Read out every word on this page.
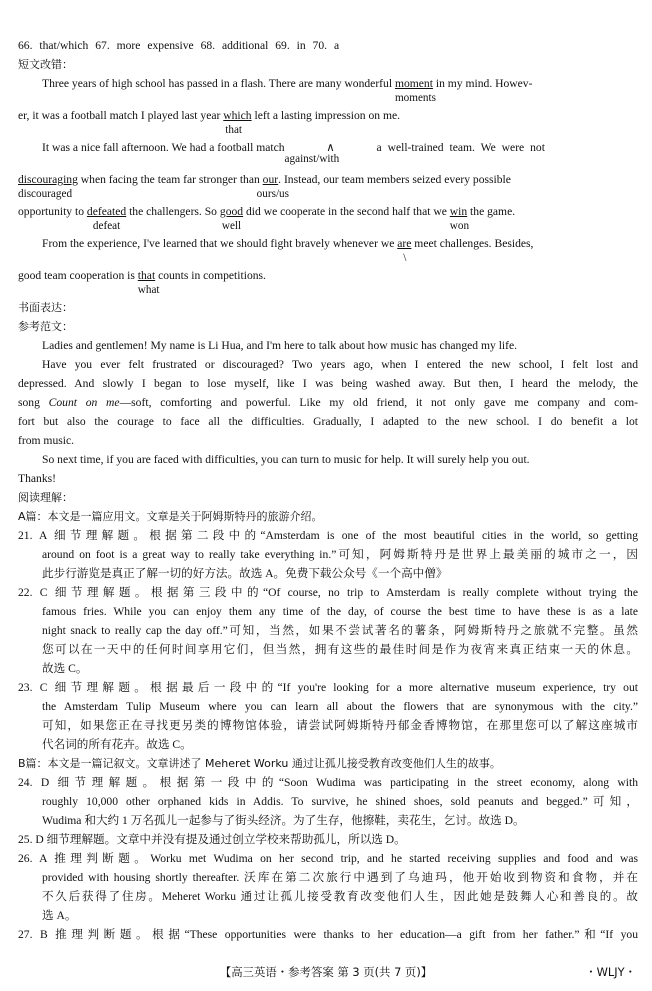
66. that/which 67. more expensive 68. additional 69. in 70. a
短文改错：
Three years of high school has passed in a flash. There are many wonderful moment
moments
in my mind. Howev-
er, it was a football match I played last year which
that
left a lasting impression on me.
It was a nice fall afternoon. We had a football match	∧
against/with
a well-trained team. We were not
discouraging
discouraged
when facing the team far stronger than our
ours/us
. Instead, our team members seized every possible
opportunity to defeated
defeat
the challengers. So good
well
did we cooperate in the second half that we win
won
the game.
From the experience, I've learned that we should fight bravely whenever we are
\
meet challenges. Besides,
good team cooperation is that
what
counts in competitions.
书面表达：
参考范文：
Ladies and gentlemen! My name is Li Hua, and I'm here to talk about how music has changed my life.
Have you ever felt frustrated or discouraged? Two years ago, when I entered the new school, I felt lost and
depressed. And slowly I began to lose myself, like I was being washed away. But then, I heard the melody, the
song Count on me—soft, comforting and powerful. Like my old friend, it not only gave me company and com-
fort but also the courage to face all the difficulties. Gradually, I adapted to the new school. I do benefit a lot
from music.
So next time, if you are faced with difficulties, you can turn to music for help. It will surely help you out.
Thanks!
阅读理解：
A篇：本文是一篇应用文。文章是关于阿姆斯特丹的旅游介绍。
21. A 细节理解题。根据第二段中的“Amsterdam is one of the most beautiful cities in the world, so getting
around on foot is a great way to really take everything in.”可知，阿姆斯特丹是世界上最美丽的城市之一，因
此步行游览是真正了解一切的好方法。故选 A。免费下载公众号《一个高中僧》
22. C 细节理解题。根据第三段中的“Of course, no trip to Amsterdam is really complete without trying the
famous fries. While you can enjoy them any time of the day, of course the best time to have these is as a late
night snack to really cap the day off.”可知，当然，如果不尝试著名的薯条，阿姆斯特丹之旅就不完整。虽然
您可以在一天中的任何时间享用它们，但当然，拥有这些的最佳时间是作为夜宵来真正结束一天的休息。
故选 C。
23. C 细节理解题。根据最后一段中的“If you're looking for a more alternative museum experience, try out
the Amsterdam Tulip Museum where you can learn all about the flowers that are synonymous with the city.”
可知，如果您正在寻找更另类的博物馆体验，请尝试阿姆斯特丹郁金香博物馆，在那里您可以了解这座城市
代名词的所有花卉。故选 C。
B篇：本文是一篇记叙文。文章讲述了 Meheret Worku 通过让孤儿接受教育改变他们人生的故事。
24. D 细节理解题。根据第一段中的“Soon Wudima was participating in the street economy, along with
roughly 10,000 other orphaned kids in Addis. To survive, he shined shoes, sold peanuts and begged.”可知，
Wudima 和大约 1 万名孤儿一起参与了街头经济。为了生存，他擦鞋，卖花生，乞讨。故选 D。
25. D 细节理解题。文章中并没有提及通过创立学校来帮助孤儿，所以选 D。
26. A 推理判断题。Worku met Wudima on her second trip, and he started receiving supplies and food and was
provided with housing shortly thereafter. 沃库在第二次旅行中遇到了乌迪玛，他开始收到物资和食物，并在
不久后获得了住房。Meheret Worku 通过让孤儿接受教育改变他们人生，因此她是鼓舞人心和善良的。故
选 A。
27. B 推理判断题。根据“These opportunities were thanks to her education—a gift from her father.”和“If you
【高三英语・参考答案 第 3 页(共 7 页)】	・WLJY・
